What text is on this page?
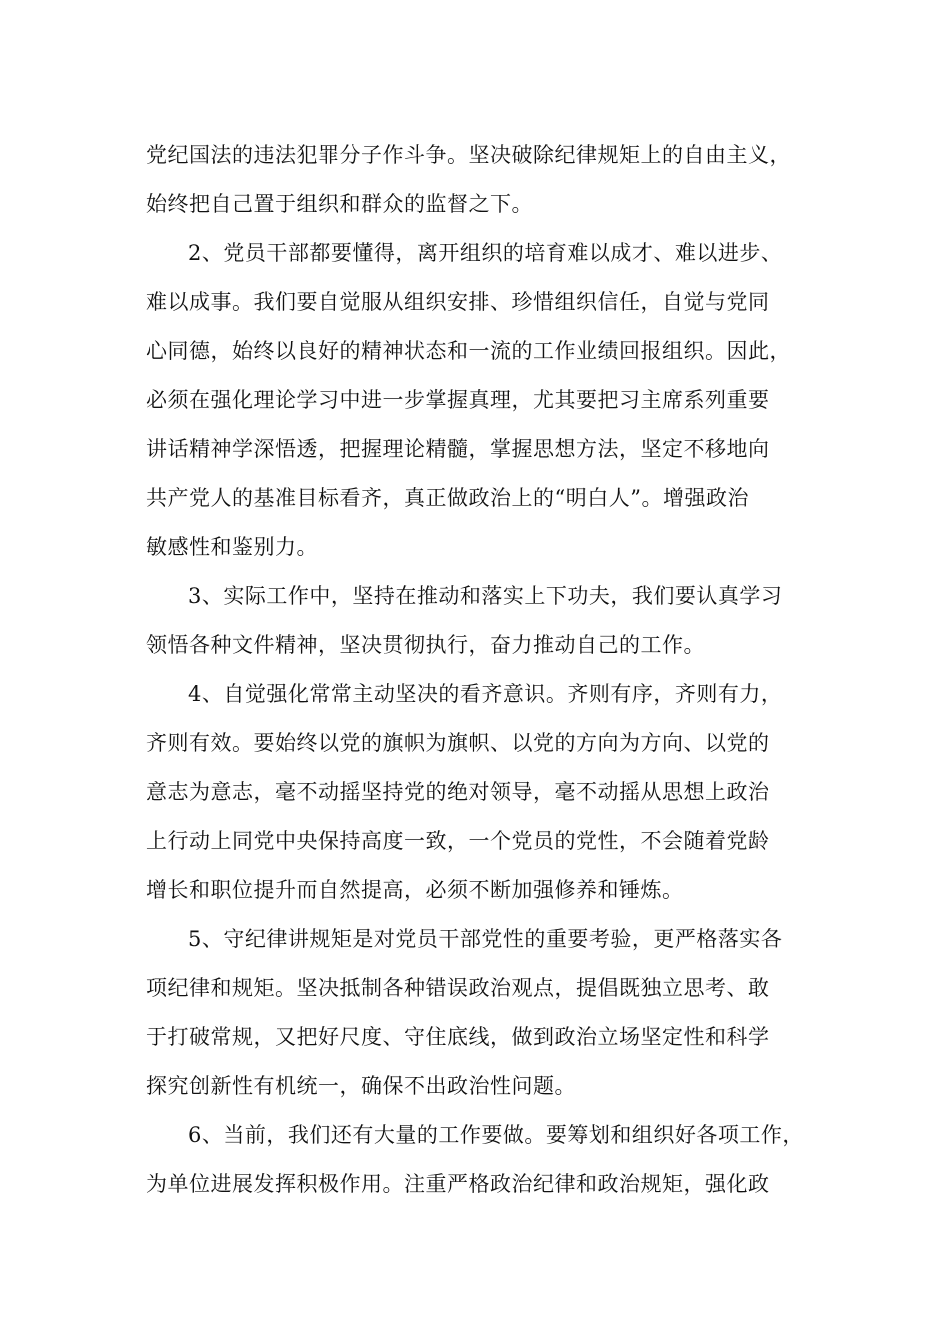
党纪国法的违法犯罪分子作斗争。坚决破除纪律规矩上的自由主义，
始终把自己置于组织和群众的监督之下。
2、党员干部都要懂得，离开组织的培育难以成才、难以进步、
难以成事。我们要自觉服从组织安排、珍惜组织信任，自觉与党同
心同德，始终以良好的精神状态和一流的工作业绩回报组织。因此，
必须在强化理论学习中进一步掌握真理，尤其要把习主席系列重要
讲话精神学深悟透，把握理论精髓，掌握思想方法，坚定不移地向
共产党人的基准目标看齐，真正做政治上的“明白人”。增强政治
敏感性和鉴别力。
3、实际工作中，坚持在推动和落实上下功夫，我们要认真学习
领悟各种文件精神，坚决贯彻执行，奋力推动自己的工作。
4、自觉强化常常主动坚决的看齐意识。齐则有序，齐则有力，
齐则有效。要始终以党的旗帜为旗帜、以党的方向为方向、以党的
意志为意志，毫不动摇坚持党的绝对领导，毫不动摇从思想上政治
上行动上同党中央保持高度一致，一个党员的党性，不会随着党龄
增长和职位提升而自然提高，必须不断加强修养和锤炼。
5、守纪律讲规矩是对党员干部党性的重要考验，更严格落实各
项纪律和规矩。坚决抵制各种错误政治观点，提倡既独立思考、敢
于打破常规，又把好尺度、守住底线，做到政治立场坚定性和科学
探究创新性有机统一，确保不出政治性问题。
6、当前，我们还有大量的工作要做。要筹划和组织好各项工作，
为单位进展发挥积极作用。注重严格政治纪律和政治规矩，强化政
